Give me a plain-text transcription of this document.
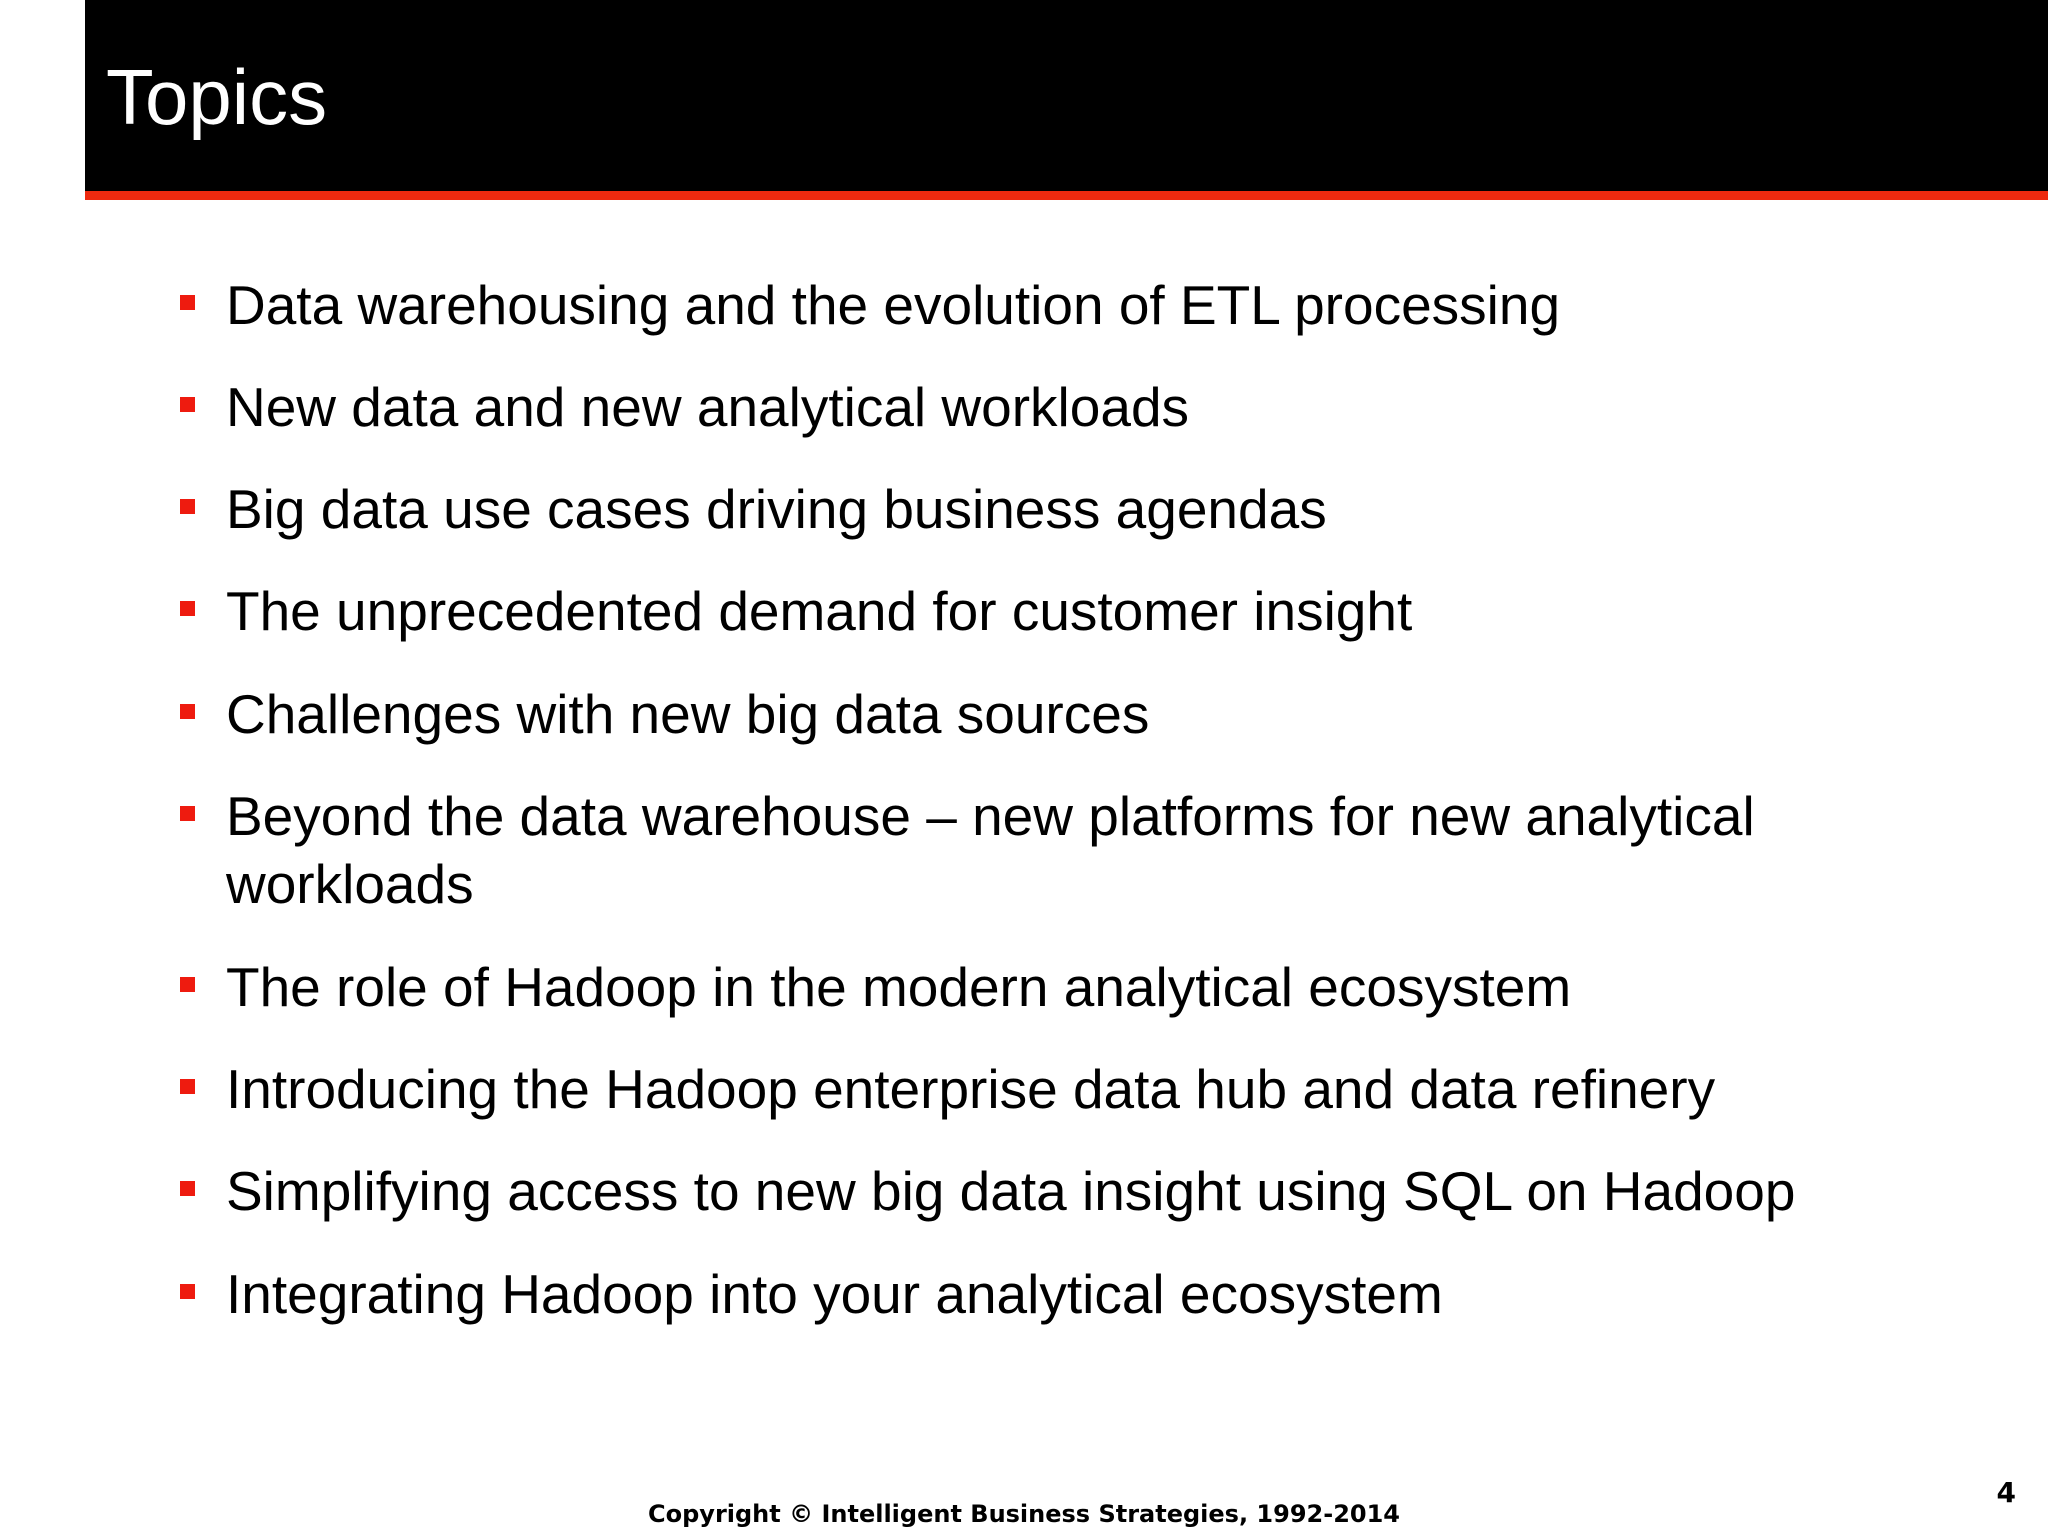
Topics
Data warehousing and the evolution of ETL processing
New data and new analytical workloads
Big data use cases driving business agendas
The unprecedented demand for customer insight
Challenges with new big data sources
Beyond the data warehouse – new platforms for new analytical workloads
The role of Hadoop in the modern analytical ecosystem
Introducing the Hadoop enterprise data hub and data refinery
Simplifying access to new big data insight using SQL on Hadoop
Integrating Hadoop into your analytical ecosystem
Copyright © Intelligent Business Strategies, 1992-2014
4
